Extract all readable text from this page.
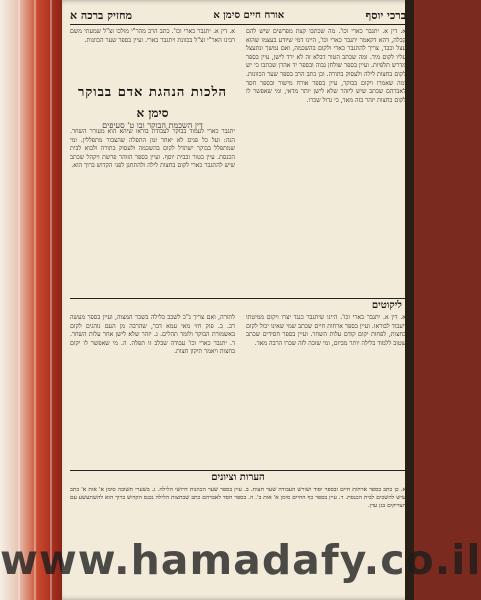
ברכי יוסף
אורח חיים סימן א
מחזיק ברכה א
א. דין א. יתגבר כארי וכו'. מה שכתבו קצת מפרשים שיש להם קבלה, דהא דקאמר יתגבר כארי וכו', היינו דמי שיודע בעצמו שהוא עצל וכבד, צריך להתגבר כארי ולקום בהשכמה, ואם נמשך ונתעצל עליו לקום מיד. ומה שכתב הטור דבלא זה לא ירד לישן, עיין בספר מדרש תלפיות. ועיין בספר שולחן גבוה ובספר יד אהרן שכתבו כי יש לקום בחצות לילה ולעסוק בתורה. וכן כתב הרב בספר שער הכוונות. ומה שאמרו ויקום בבוקר, עיין בספר אורח מישור ובספר חסד לאברהם שכתב שיש ליזהר שלא לישן יותר מדאי, ומי שאפשר לו לקום בחצות יזהר בזה מאד, כי גדול שכרו.
א. דין א. יתגבר כארי וכו'. כתב הרב מהר"י מולכו זצ"ל שמעתי משם רבינו האר"י זצ"ל בכוונת ויתגבר כארי. ועיין בספר שער הכוונות.
הלכות הנהגת אדם בבוקר
סימן א
דין השכמת הבוקר ובו ט' סעיפים
יתגבר כארי לעמוד בבוקר לעבודת בוראו שיהא הוא מעורר השחר. הגה: ועל כל פנים לא יאחר זמן התפלה שהצבור מתפללין. ומי שמתפלל בבוקר ישתדל לקום בהשכמה ולעסוק בתורה ולבוא לבית הכנסת. עיין בטור ובבית יוסף. ועיין בספר הזוהר פרשת ויקהל שכתב שיש להתגבר כארי לקום בחצות לילה ולהתחנן לפני הקדוש ברוך הוא.
ליקוטים
א. דין א. יתגבר כארי וכו'. היינו שיתגבר כנגד יצרו ויקום ממיטתו ויעבוד לבוראו. ועיין בספר ארחות חיים שכתב שמי שאינו יכול לקום בחצות, לפחות יקום קודם עלות השחר. ועיין בספר חסידים שכתב שטוב ללמוד בלילה יותר מביום, ומי שזכה לזה שכרו הרבה מאד.
לתורה, ואם צריך ג"כ לשכב בלילה בשכר המצוה, ועיין בספר מעשה רב. ב. פוק חזי מאי עמא דבר, שהרבה מן העם נוהגים לקום באשמורת הבוקר ולומר תהלים. ג. יזהר שלא לישן אחר עלות השחר. ד. יתגבר כארי וכו' עבודה שבלב זו תפלה. ה. מי שאפשר לו יקום בחצות ויאמר תיקון חצות.
הערות וציונים
א. כן כתב בספר ארחות חיים ובספר יסוד ושורש העבודה שער חצות. ב. עיין בספר שער הכוונות דרושי הלילה. ג. בשערי תשובה סימן א' אות א' כתב שיש להשכים לבית הכנסת. ד. עיין בספר כף החיים סימן א' אות ב'. ה. בספר חסד לאברהם כתב שבחצות הלילה נכנס הקדוש ברוך הוא להשתעשע עם הצדיקים בגן עדן.
www.hamadafy.co.il
